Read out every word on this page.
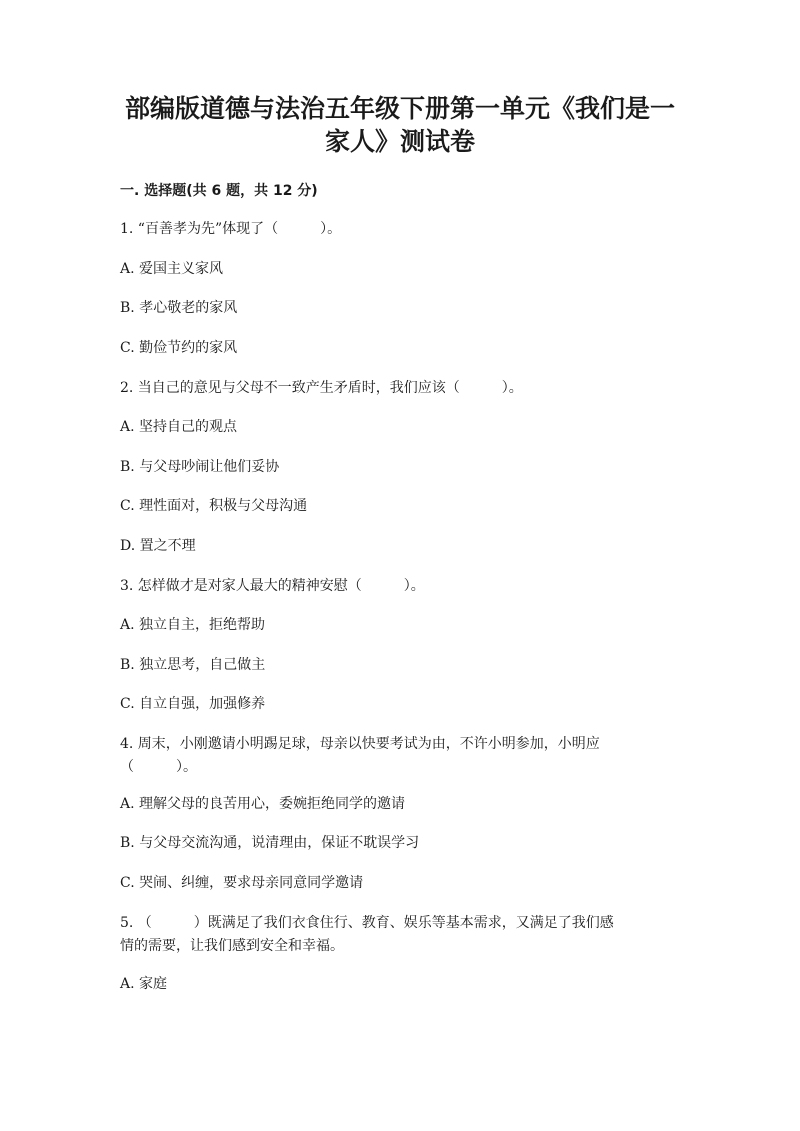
部编版道德与法治五年级下册第一单元《我们是一
家人》测试卷
一. 选择题(共 6 题，共 12 分)
1. “百善孝为先”体现了（　　　）。
A. 爱国主义家风
B. 孝心敬老的家风
C. 勤俭节约的家风
2. 当自己的意见与父母不一致产生矛盾时，我们应该（　　　）。
A. 坚持自己的观点
B. 与父母吵闹让他们妥协
C. 理性面对，积极与父母沟通
D. 置之不理
3. 怎样做才是对家人最大的精神安慰（　　　）。
A. 独立自主，拒绝帮助
B. 独立思考，自己做主
C. 自立自强，加强修养
4. 周末，小刚邀请小明踢足球，母亲以快要考试为由，不许小明参加，小明应
（　　　）。
A. 理解父母的良苦用心，委婉拒绝同学的邀请
B. 与父母交流沟通，说清理由，保证不耽误学习
C. 哭闹、纠缠，要求母亲同意同学邀请
5. （　　　）既满足了我们衣食住行、教育、娱乐等基本需求，又满足了我们感
情的需要，让我们感到安全和幸福。
A. 家庭
